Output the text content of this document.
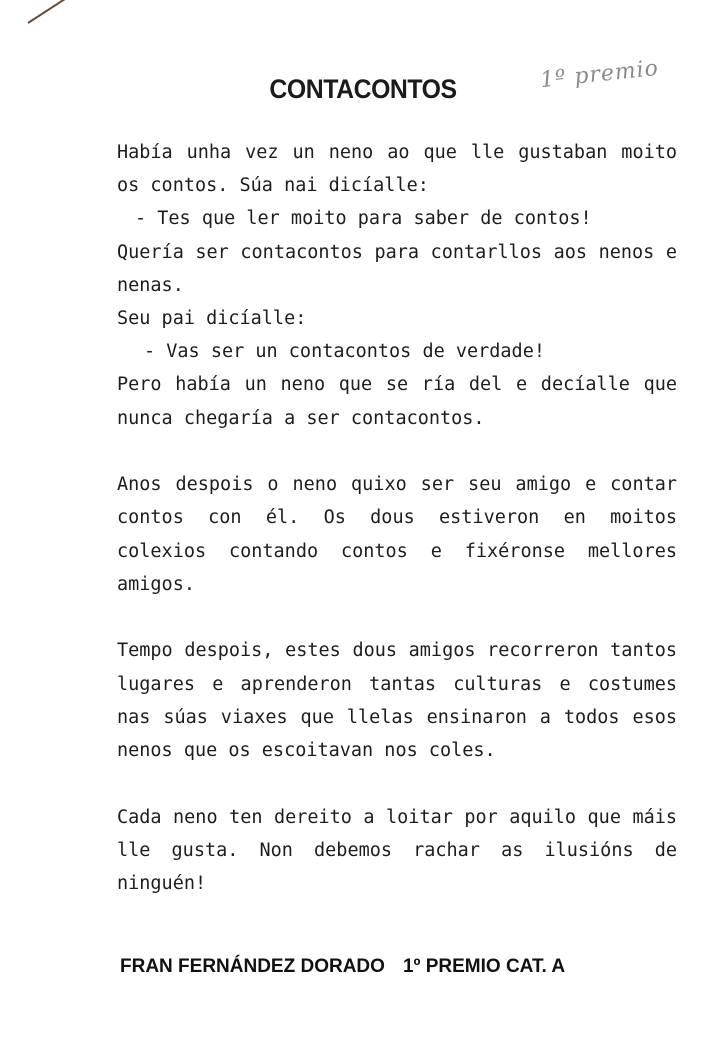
CONTACONTOS	1º premio
Había unha vez un neno ao que lle gustaban moito
os contos. Súa nai dicíalle:
- Tes que ler moito para saber de contos!
Quería ser contacontos para contarllos aos nenos e
nenas.
Seu pai dicíalle:
- Vas ser un contacontos de verdade!
Pero había un neno que se ría del e decíalle que
nunca chegaría a ser contacontos.
Anos despois o neno quixo ser seu amigo e contar
contos con él. Os dous estiveron en moitos
colexios contando contos e fixéronse mellores
amigos.
Tempo despois, estes dous amigos recorreron tantos
lugares e aprenderon tantas culturas e costumes
nas súas viaxes que llelas ensinaron a todos esos
nenos que os escoitavan nos coles.
Cada neno ten dereito a loitar por aquilo que máis
lle gusta. Non debemos rachar as ilusións de
ninguén!
FRAN FERNÁNDEZ DORADO 1º PREMIO CAT. A
